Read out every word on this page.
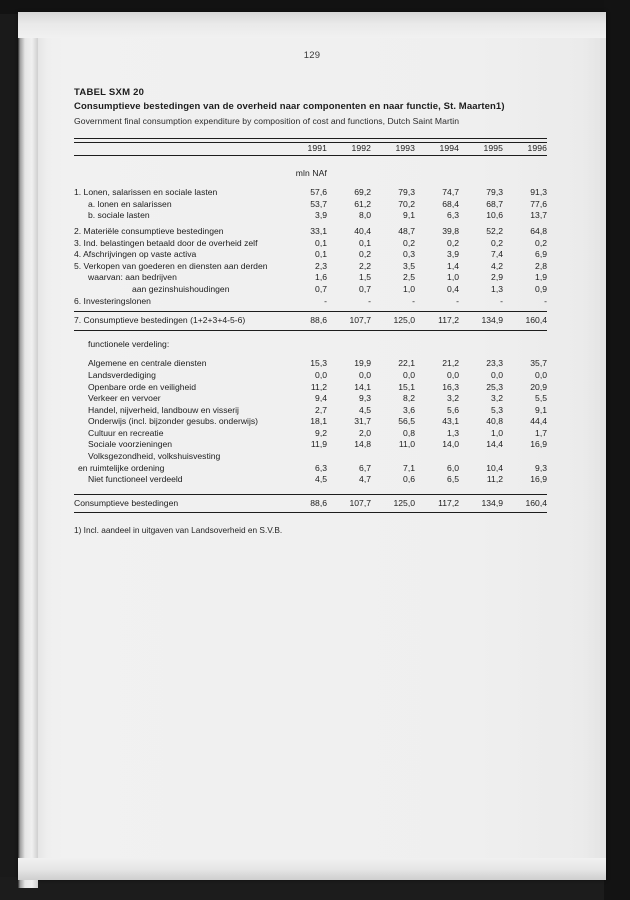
129
TABEL SXM 20
Consumptieve bestedingen van de overheid naar componenten en naar functie, St. Maarten1)
Government final consumption expenditure by composition of cost and functions, Dutch Saint Martin

	1991	1992	1993	1994	1995	1996

	mln NAf					

1. Lonen, salarissen en sociale lasten	57,6	69,2	79,3	74,7	79,3	91,3
a. lonen en salarissen	53,7	61,2	70,2	68,4	68,7	77,6
b. sociale lasten	3,9	8,0	9,1	6,3	10,6	13,7

2. Materiële consumptieve bestedingen	33,1	40,4	48,7	39,8	52,2	64,8
3. Ind. belastingen betaald door de overheid zelf	0,1	0,1	0,2	0,2	0,2	0,2
4. Afschrijvingen op vaste activa	0,1	0,2	0,3	3,9	7,4	6,9
5. Verkopen van goederen en diensten aan derden	2,3	2,2	3,5	1,4	4,2	2,8
waarvan: aan bedrijven	1,6	1,5	2,5	1,0	2,9	1,9
aan gezinshuishoudingen	0,7	0,7	1,0	0,4	1,3	0,9
6. Investeringslonen	-	-	-	-	-	-

7. Consumptieve bestedingen (1+2+3+4-5-6)	88,6	107,7	125,0	117,2	134,9	160,4

functionele verdeling:						

Algemene en centrale diensten	15,3	19,9	22,1	21,2	23,3	35,7
Landsverdediging	0,0	0,0	0,0	0,0	0,0	0,0
Openbare orde en veiligheid	11,2	14,1	15,1	16,3	25,3	20,9
Verkeer en vervoer	9,4	9,3	8,2	3,2	3,2	5,5
Handel, nijverheid, landbouw en visserij	2,7	4,5	3,6	5,6	5,3	9,1
Onderwijs (incl. bijzonder gesubs. onderwijs)	18,1	31,7	56,5	43,1	40,8	44,4
Cultuur en recreatie	9,2	2,0	0,8	1,3	1,0	1,7
Sociale voorzieningen	11,9	14,8	11,0	14,0	14,4	16,9
Volksgezondheid, volkshuisvesting						
en ruimtelijke ordening	6,3	6,7	7,1	6,0	10,4	9,3
Niet functioneel verdeeld	4,5	4,7	0,6	6,5	11,2	16,9

Consumptieve bestedingen	88,6	107,7	125,0	117,2	134,9	160,4

1) Incl. aandeel in uitgaven van Landsoverheid en S.V.B.
